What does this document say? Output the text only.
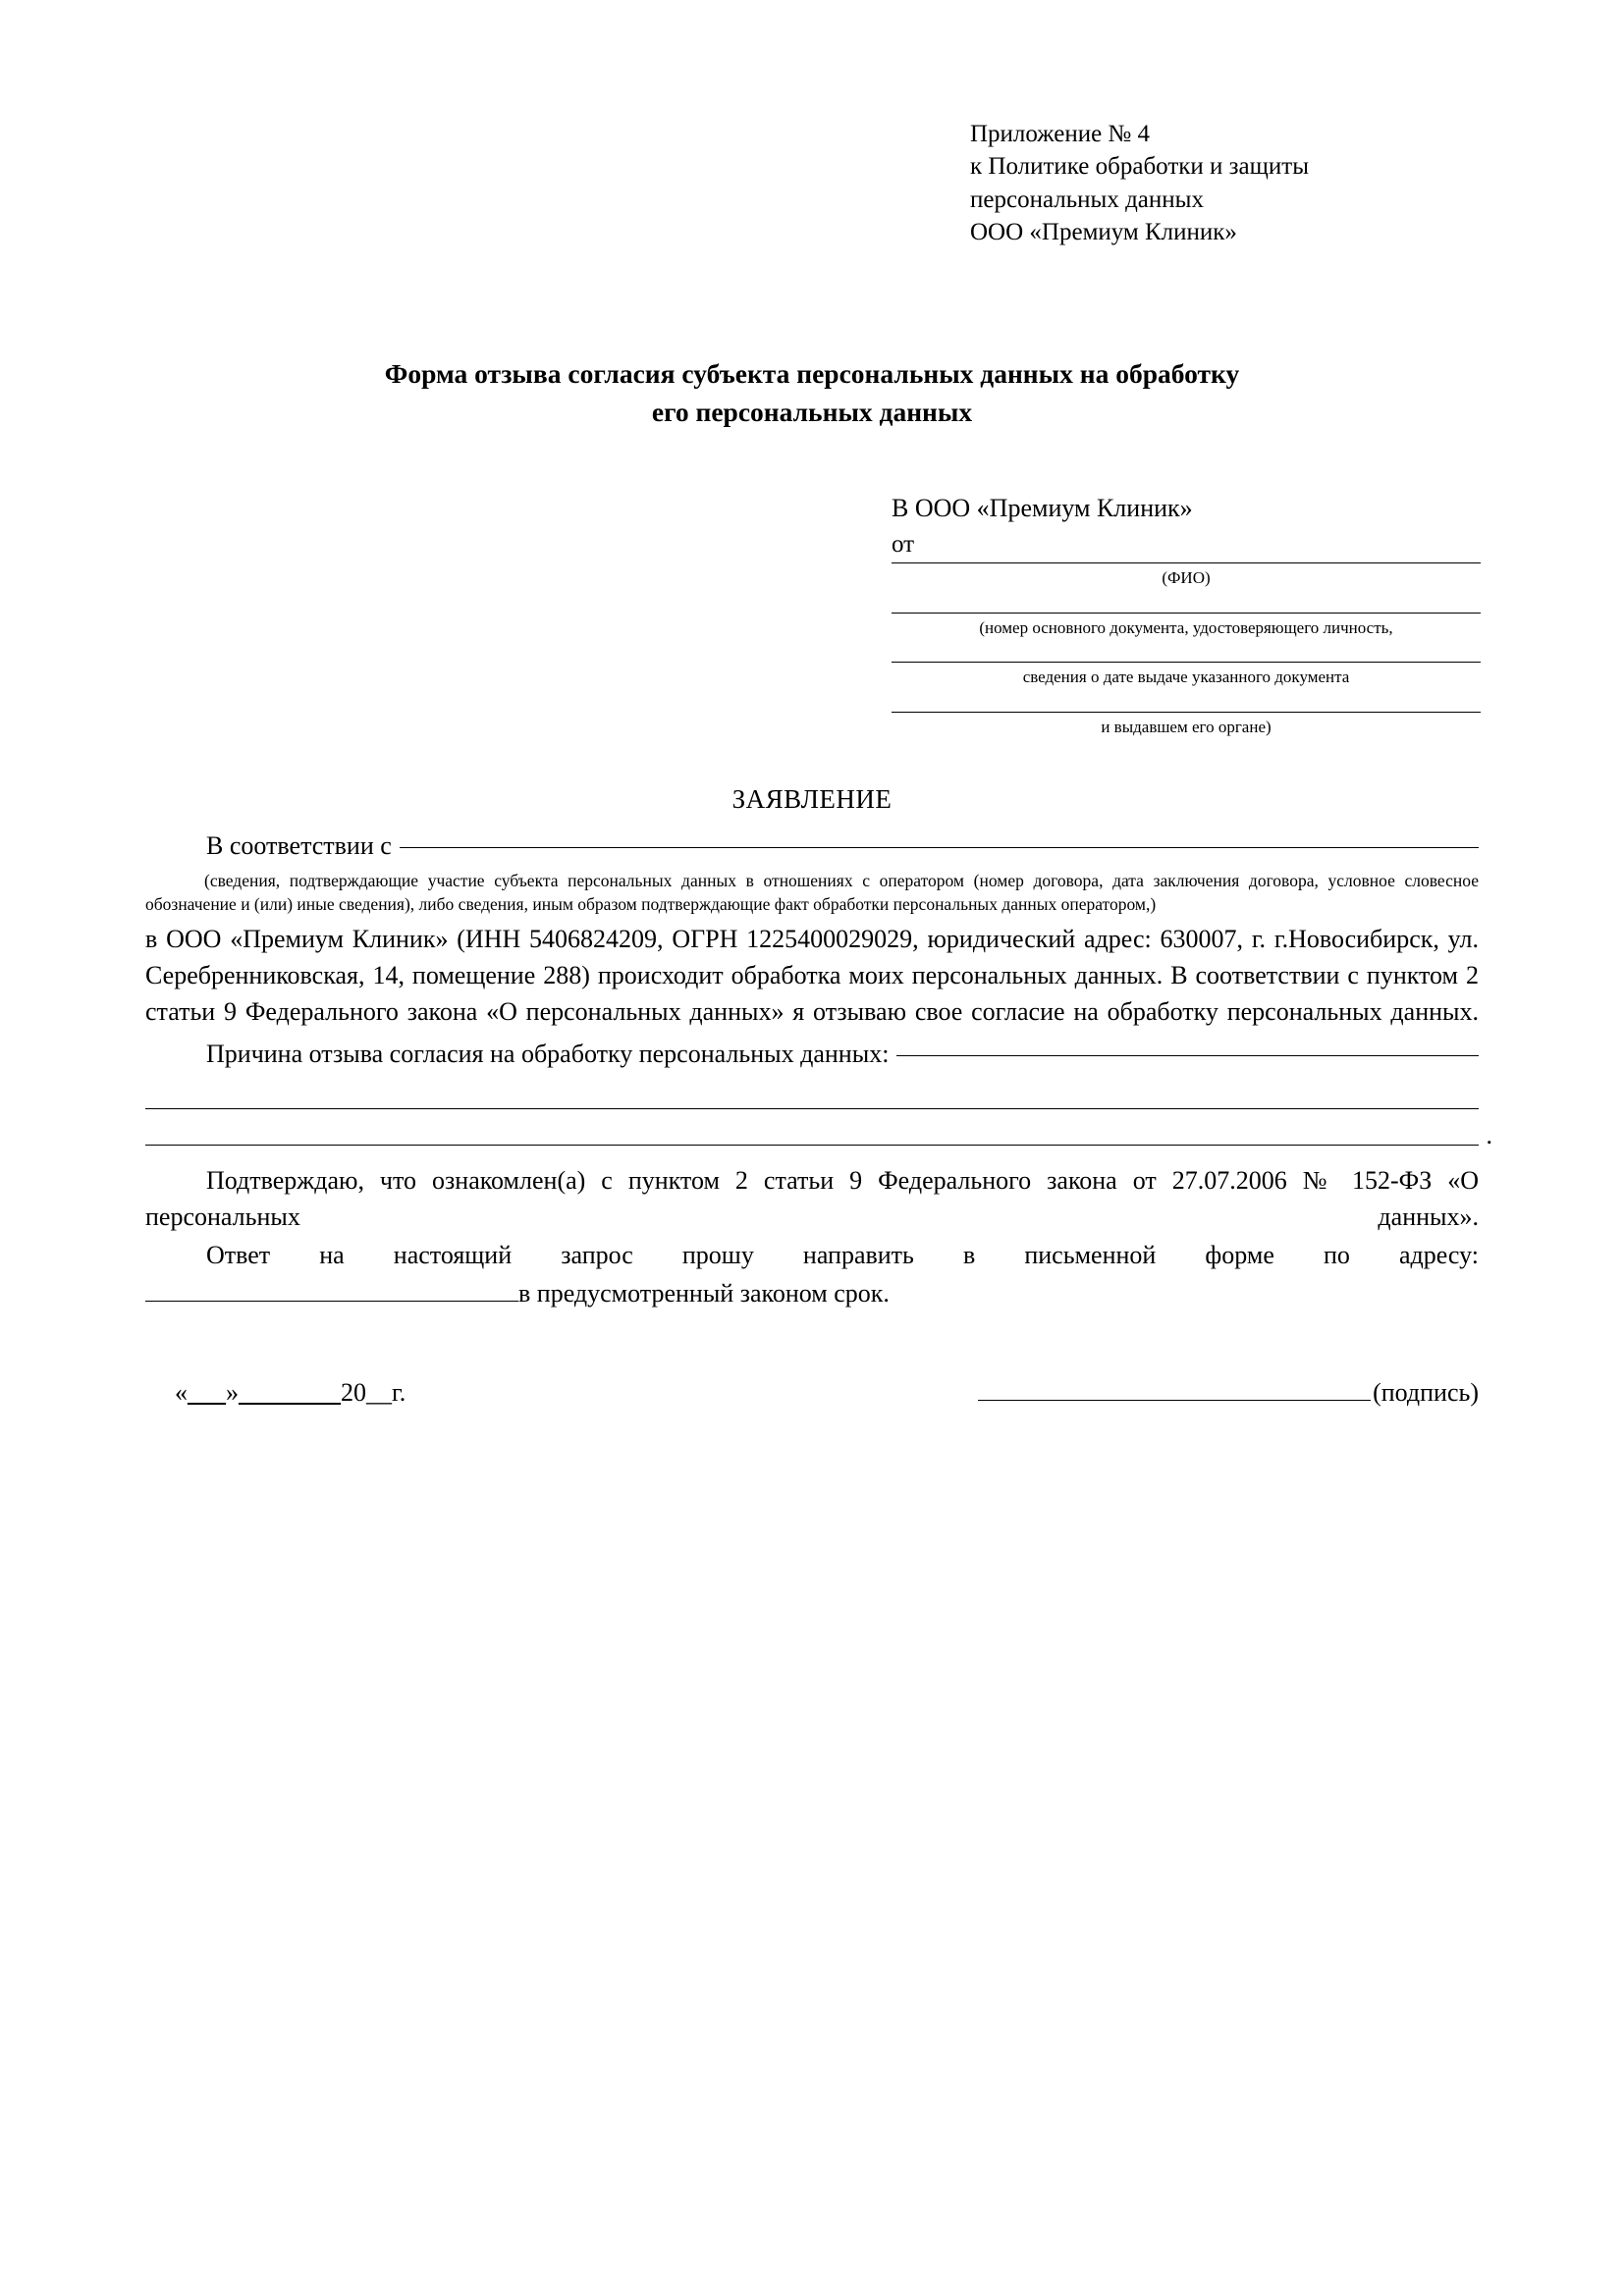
Приложение № 4
к Политике обработки и защиты
персональных данных
ООО «Премиум Клиник»
Форма отзыва согласия субъекта персональных данных на обработку
его персональных данных
В ООО «Премиум Клиник»
от
(ФИО)
(номер основного документа, удостоверяющего личность,
сведения о дате выдаче указанного документа
и выдавшем его органе)
ЗАЯВЛЕНИЕ
В соответствии с
(сведения, подтверждающие участие субъекта персональных данных в отношениях с оператором (номер договора, дата заключения договора, условное словесное обозначение и (или) иные сведения), либо сведения, иным образом подтверждающие факт обработки персональных данных оператором,)
в ООО «Премиум Клиник» (ИНН 5406824209, ОГРН 1225400029029, юридический адрес: 630007, г. г.Новосибирск, ул. Серебренниковская, 14, помещение 288) происходит обработка моих персональных данных. В соответствии с пунктом 2 статьи 9 Федерального закона «О персональных данных» я отзываю свое согласие на обработку персональных данных.
Причина отзыва согласия на обработку персональных данных:
.
Подтверждаю, что ознакомлен(а) с пунктом 2 статьи 9 Федерального закона от 27.07.2006 № 152-ФЗ «О персональных данных».
Ответ на настоящий запрос прошу направить в письменной форме по адресу:
в предусмотренный законом срок.
«___»________20__г.	(подпись)
